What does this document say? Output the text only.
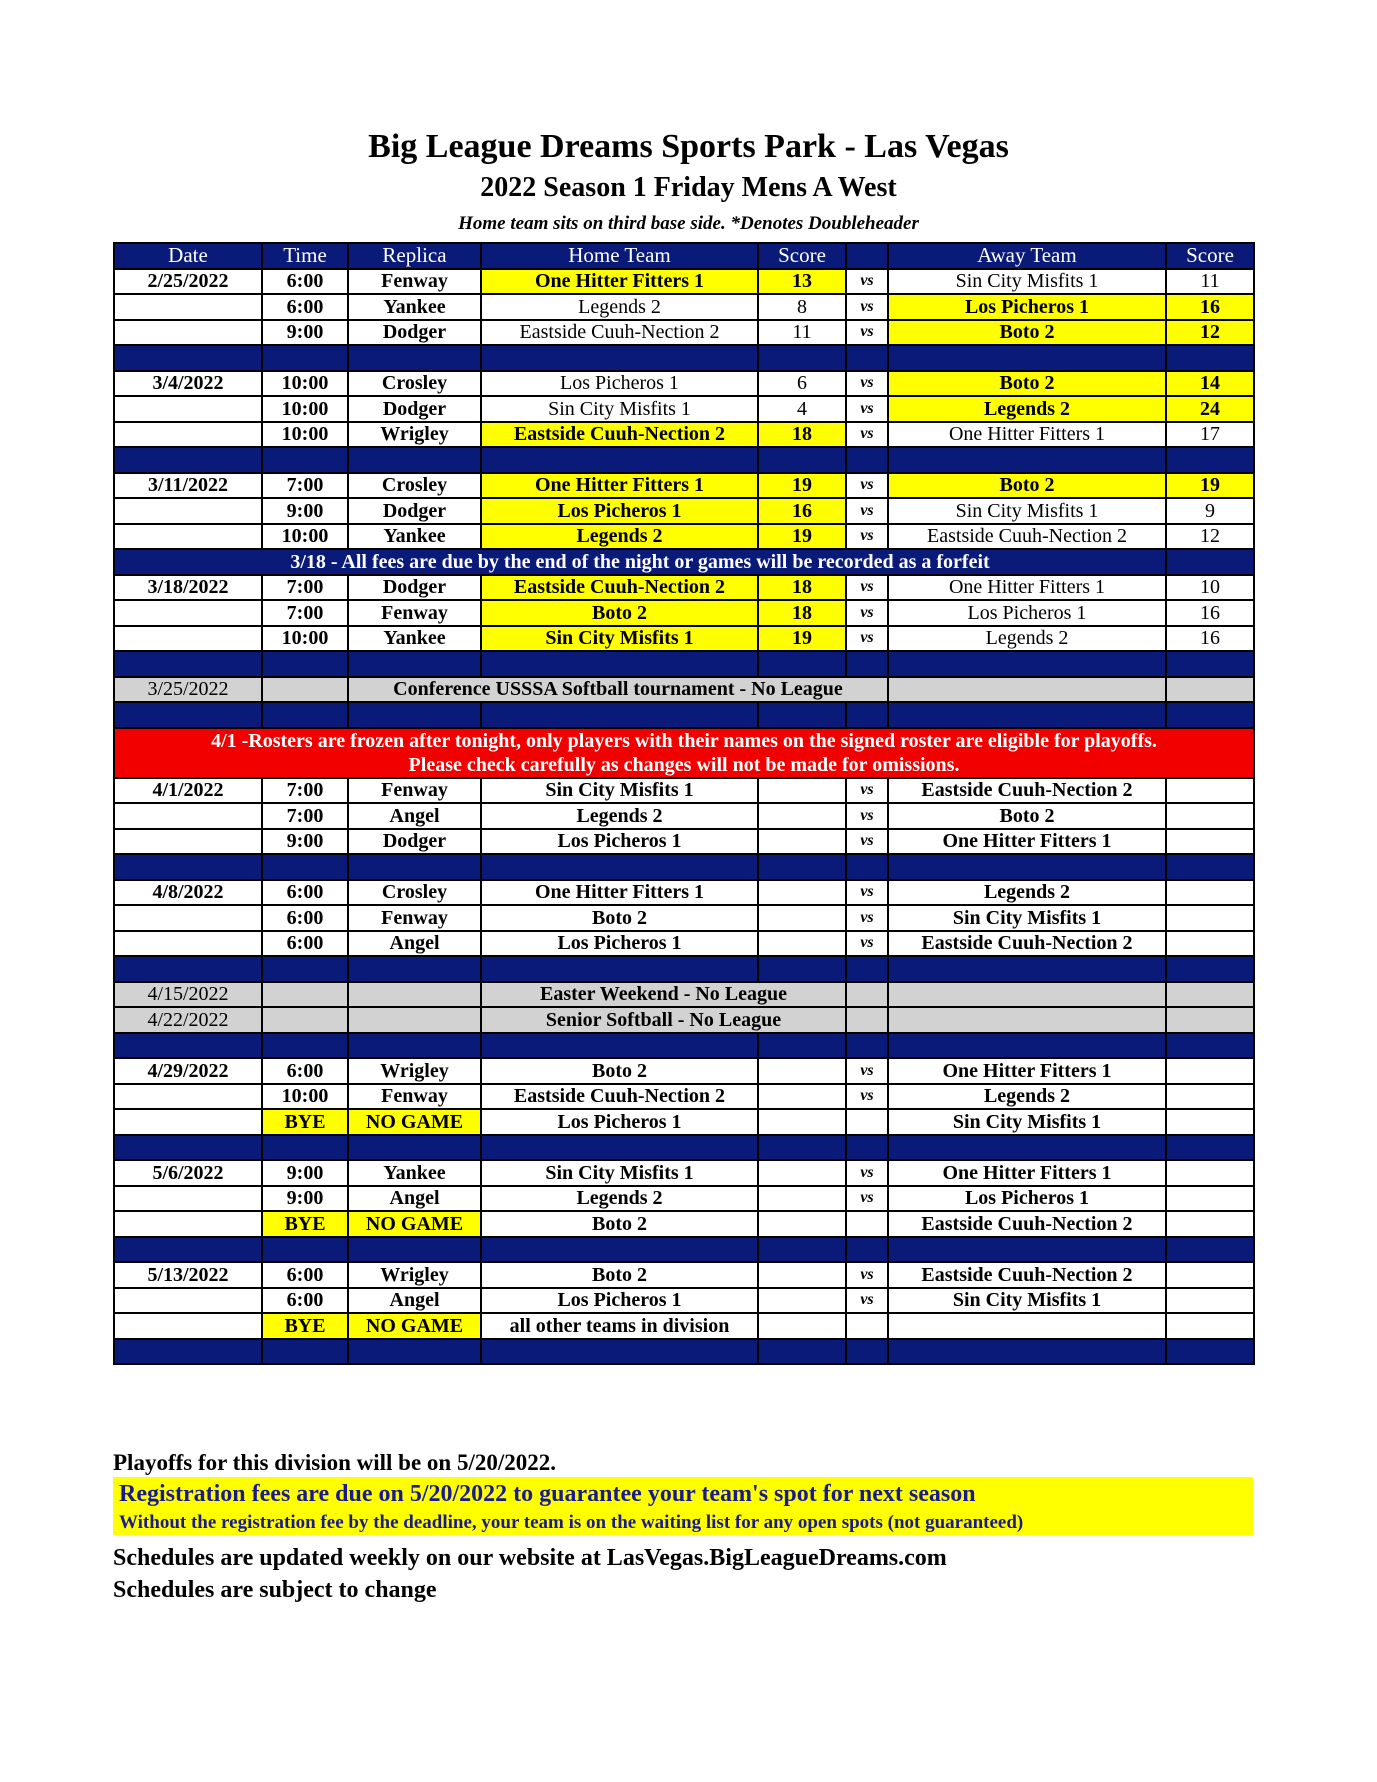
Big League Dreams Sports Park - Las Vegas
2022 Season 1 Friday Mens A West
Home team sits on third base side. *Denotes Doubleheader
Date	Time	Replica	Home Team	Score		Away Team	Score
2/25/2022	6:00	Fenway	One Hitter Fitters 1	13	vs	Sin City Misfits 1	11
	6:00	Yankee	Legends 2	8	vs	Los Picheros 1	16
	9:00	Dodger	Eastside Cuuh-Nection 2	11	vs	Boto 2	12

3/4/2022	10:00	Crosley	Los Picheros 1	6	vs	Boto 2	14
	10:00	Dodger	Sin City Misfits 1	4	vs	Legends 2	24
	10:00	Wrigley	Eastside Cuuh-Nection 2	18	vs	One Hitter Fitters 1	17

3/11/2022	7:00	Crosley	One Hitter Fitters 1	19	vs	Boto 2	19
	9:00	Dodger	Los Picheros 1	16	vs	Sin City Misfits 1	9
	10:00	Yankee	Legends 2	19	vs	Eastside Cuuh-Nection 2	12
3/18 - All fees are due by the end of the night or games will be recorded as a forfeit							
3/18/2022	7:00	Dodger	Eastside Cuuh-Nection 2	18	vs	One Hitter Fitters 1	10
	7:00	Fenway	Boto 2	18	vs	Los Picheros 1	16
	10:00	Yankee	Sin City Misfits 1	19	vs	Legends 2	16

3/25/2022		Conference USSSA Softball tournament - No League					

4/1 -Rosters are frozen after tonight, only players with their names on the signed roster are eligible for playoffs.
Please check carefully as changes will not be made for omissions.							

4/1/2022	7:00	Fenway	Sin City Misfits 1		vs	Eastside Cuuh-Nection 2	
	7:00	Angel	Legends 2		vs	Boto 2	
	9:00	Dodger	Los Picheros 1		vs	One Hitter Fitters 1	

4/8/2022	6:00	Crosley	One Hitter Fitters 1		vs	Legends 2	
	6:00	Fenway	Boto 2		vs	Sin City Misfits 1	
	6:00	Angel	Los Picheros 1		vs	Eastside Cuuh-Nection 2	

4/15/2022			Easter Weekend - No League				
4/22/2022			Senior Softball - No League				

4/29/2022	6:00	Wrigley	Boto 2		vs	One Hitter Fitters 1	
	10:00	Fenway	Eastside Cuuh-Nection 2		vs	Legends 2	
	BYE	NO GAME	Los Picheros 1			Sin City Misfits 1	

5/6/2022	9:00	Yankee	Sin City Misfits 1		vs	One Hitter Fitters 1	
	9:00	Angel	Legends 2		vs	Los Picheros 1	
	BYE	NO GAME	Boto 2			Eastside Cuuh-Nection 2	

5/13/2022	6:00	Wrigley	Boto 2		vs	Eastside Cuuh-Nection 2	
	6:00	Angel	Los Picheros 1		vs	Sin City Misfits 1	
	BYE	NO GAME	all other teams in division				

Playoffs for this division will be on 5/20/2022.
Registration fees are due on 5/20/2022 to guarantee your team's spot for next season
Without the registration fee by the deadline, your team is on the waiting list for any open spots (not guaranteed)
Schedules are updated weekly on our website at LasVegas.BigLeagueDreams.com
Schedules are subject to change
